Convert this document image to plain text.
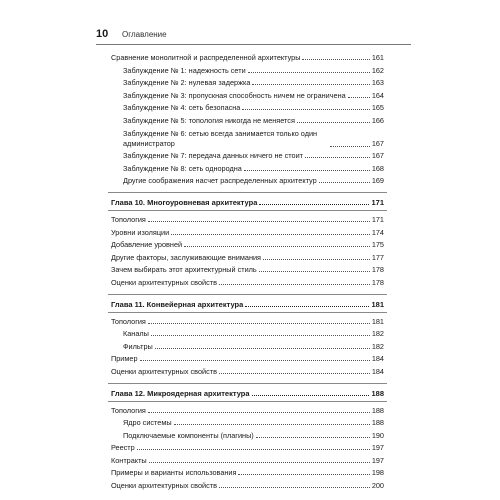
10 Оглавление
Сравнение монолитной и распределенной архитектуры	161
Заблуждение № 1: надежность сети	162
Заблуждение № 2: нулевая задержка	163
Заблуждение № 3: пропускная способность ничем не ограничена	164
Заблуждение № 4: сеть безопасна	165
Заблуждение № 5: топология никогда не меняется	166
Заблуждение № 6: сетью всегда занимается только один администратор	167
Заблуждение № 7: передача данных ничего не стоит	167
Заблуждение № 8: сеть однородна	168
Другие соображения насчет распределенных архитектур	169
Глава 10. Многоуровневая архитектура	171
Топология	171
Уровни изоляции	174
Добавление уровней	175
Другие факторы, заслуживающие внимания	177
Зачем выбирать этот архитектурный стиль	178
Оценки архитектурных свойств	178
Глава 11. Конвейерная архитектура	181
Топология	181
Каналы	182
Фильтры	182
Пример	184
Оценки архитектурных свойств	184
Глава 12. Микроядерная архитектура	188
Топология	188
Ядро системы	188
Подключаемые компоненты (плагины)	190
Реестр	197
Контракты	197
Примеры и варианты использования	198
Оценки архитектурных свойств	200
